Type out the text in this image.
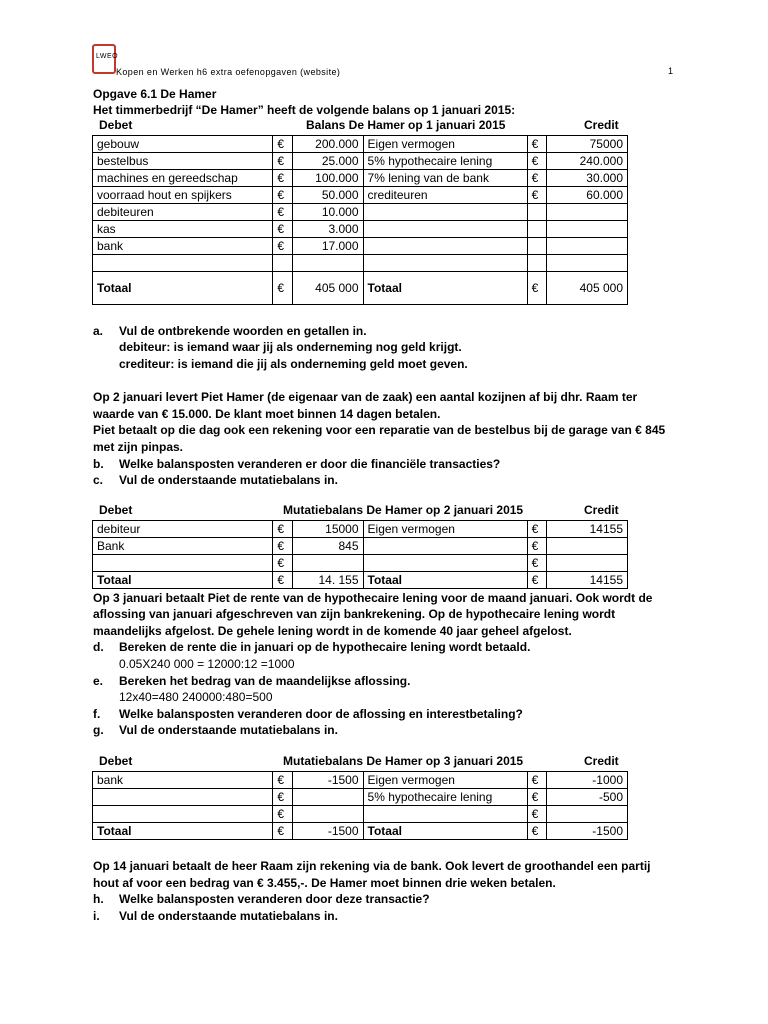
LWEO
Kopen en Werken h6 extra oefenopgaven (website)	1
Opgave 6.1 De Hamer
Het timmerbedrijf “De Hamer” heeft de volgende balans op 1 januari 2015:
Debet	Balans De Hamer op 1 januari 2015	Credit
gebouw	€	200.000	Eigen vermogen	€	75000
bestelbus	€	25.000	5% hypothecaire lening	€	240.000
machines en gereedschap	€	100.000	7% lening van de bank	€	30.000
voorraad hout en spijkers	€	50.000	crediteuren	€	60.000
debiteuren	€	10.000			
kas	€	3.000			
bank	€	17.000			

Totaal	€	405 000	Totaal	€	405 000
a. Vul de ontbrekende woorden en getallen in.
debiteur: is iemand waar jij als onderneming nog geld krijgt.
crediteur: is iemand die jij als onderneming geld moet geven.
Op 2 januari levert Piet Hamer (de eigenaar van de zaak) een aantal kozijnen af bij dhr. Raam ter
waarde van € 15.000. De klant moet binnen 14 dagen betalen.
Piet betaalt op die dag ook een rekening voor een reparatie van de bestelbus bij de garage van € 845
met zijn pinpas.
b. Welke balansposten veranderen er door die financiële transacties?
c. Vul de onderstaande mutatiebalans in.
Debet	Mutatiebalans De Hamer op 2 januari 2015	Credit
debiteur	€	15000	Eigen vermogen	€	14155
Bank	€	845		€	
	€			€	
Totaal	€	14. 155	Totaal	€	14155
Op 3 januari betaalt Piet de rente van de hypothecaire lening voor de maand januari. Ook wordt de
aflossing van januari afgeschreven van zijn bankrekening. Op de hypothecaire lening wordt
maandelijks afgelost. De gehele lening wordt in de komende 40 jaar geheel afgelost.
d. Bereken de rente die in januari op de hypothecaire lening wordt betaald.
0.05X240 000 = 12000:12 =1000
e. Bereken het bedrag van de maandelijkse aflossing.
12x40=480 240000:480=500
f. Welke balansposten veranderen door de aflossing en interestbetaling?
g. Vul de onderstaande mutatiebalans in.
Debet	Mutatiebalans De Hamer op 3 januari 2015	Credit
bank	€	-1500	Eigen vermogen	€	-1000
	€		5% hypothecaire lening	€	-500
	€			€	
Totaal	€	-1500	Totaal	€	-1500
Op 14 januari betaalt de heer Raam zijn rekening via de bank. Ook levert de groothandel een partij
hout af voor een bedrag van € 3.455,-. De Hamer moet binnen drie weken betalen.
h. Welke balansposten veranderen door deze transactie?
i. Vul de onderstaande mutatiebalans in.
